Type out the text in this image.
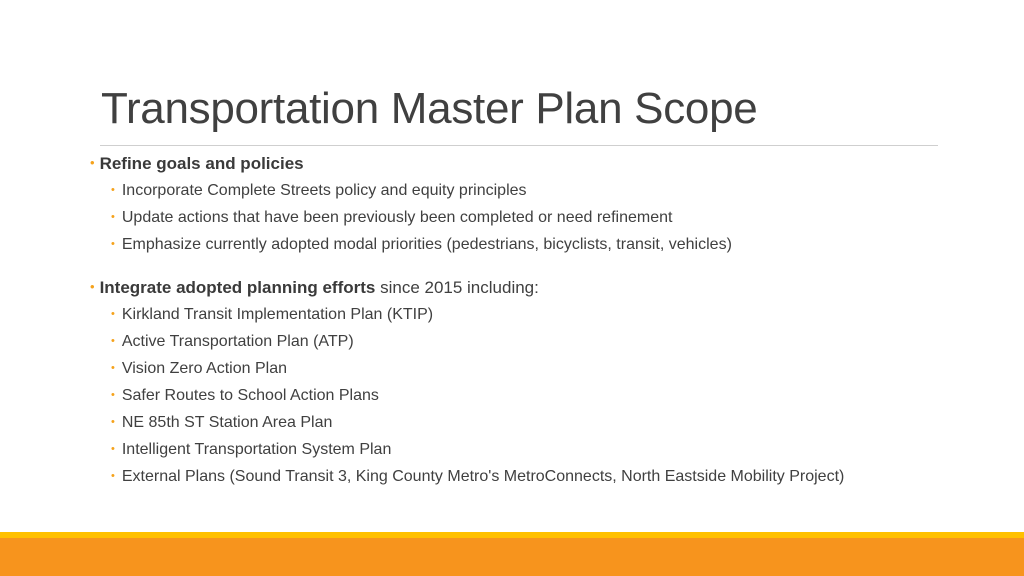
Transportation Master Plan Scope
• Refine goals and policies
• Incorporate Complete Streets policy and equity principles
• Update actions that have been previously been completed or need refinement
• Emphasize currently adopted modal priorities (pedestrians, bicyclists, transit, vehicles)
• Integrate adopted planning efforts since 2015 including:
• Kirkland Transit Implementation Plan (KTIP)
• Active Transportation Plan (ATP)
• Vision Zero Action Plan
• Safer Routes to School Action Plans
• NE 85th ST Station Area Plan
• Intelligent Transportation System Plan
• External Plans (Sound Transit 3, King County Metro's MetroConnects, North Eastside Mobility Project)
